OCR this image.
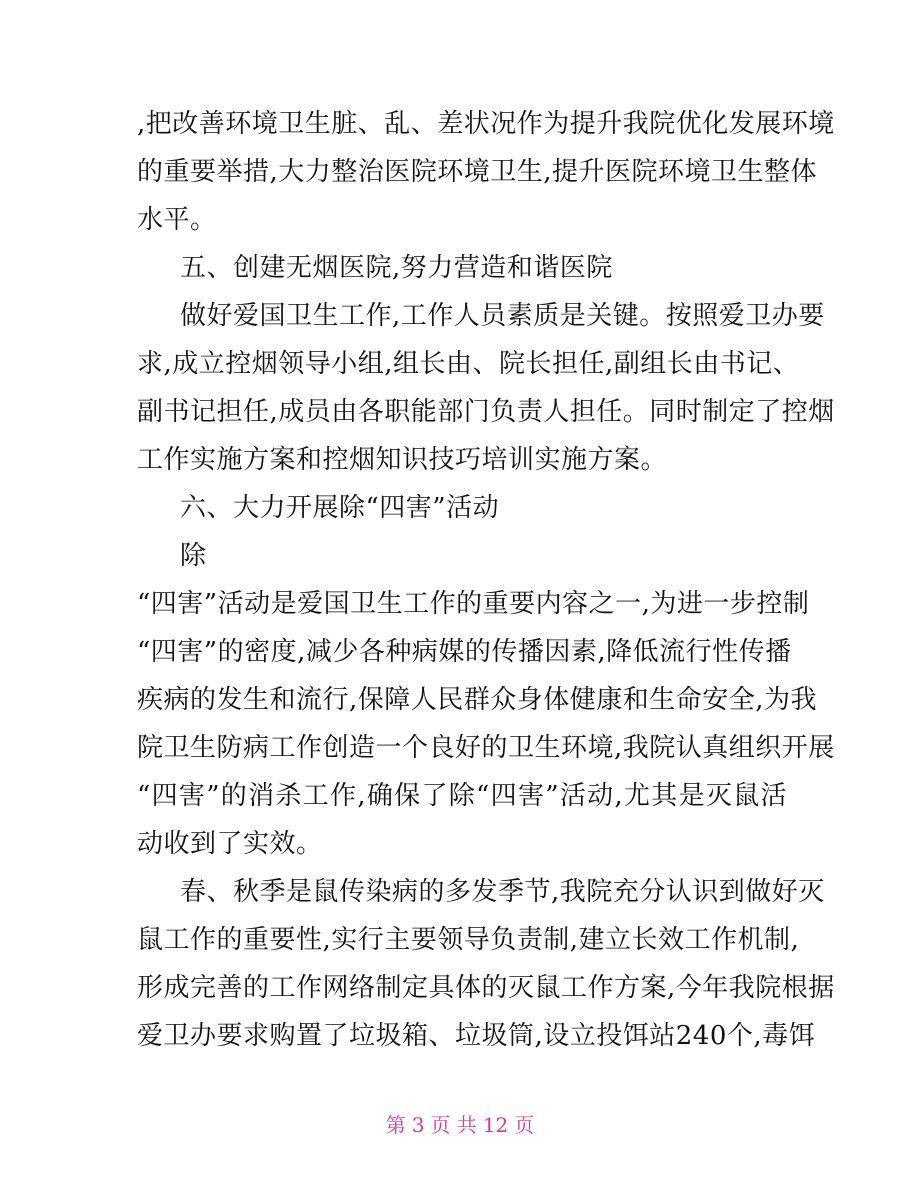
,把改善环境卫生脏、乱、差状况作为提升我院优化发展环境
的重要举措,大力整治医院环境卫生,提升医院环境卫生整体
水平。
五、创建无烟医院,努力营造和谐医院
做好爱国卫生工作,工作人员素质是关键。按照爱卫办要
求,成立控烟领导小组,组长由、院长担任,副组长由书记、
副书记担任,成员由各职能部门负责人担任。同时制定了控烟
工作实施方案和控烟知识技巧培训实施方案。
六、大力开展除“四害”活动
除
“四害”活动是爱国卫生工作的重要内容之一,为进一步控制
“四害”的密度,减少各种病媒的传播因素,降低流行性传播
疾病的发生和流行,保障人民群众身体健康和生命安全,为我
院卫生防病工作创造一个良好的卫生环境,我院认真组织开展
“四害”的消杀工作,确保了除“四害”活动,尤其是灭鼠活
动收到了实效。
春、秋季是鼠传染病的多发季节,我院充分认识到做好灭
鼠工作的重要性,实行主要领导负责制,建立长效工作机制,
形成完善的工作网络制定具体的灭鼠工作方案,今年我院根据
爱卫办要求购置了垃圾箱、垃圾筒,设立投饵站240个,毒饵
第 3 页 共 12 页
